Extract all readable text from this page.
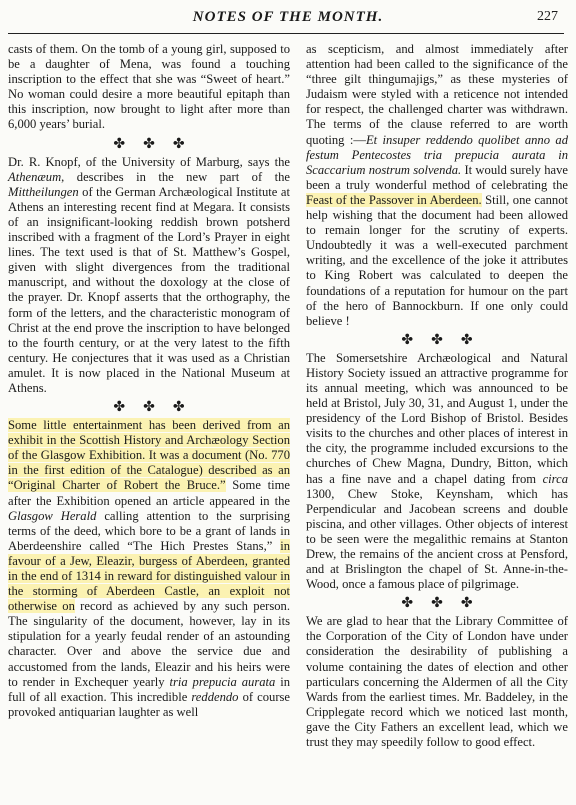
NOTES OF THE MONTH.	227

casts of them. On the tomb of a young girl, supposed to be a daughter of Mena, was found a touching inscription to the effect that she was “Sweet of heart.” No woman could desire a more beautiful epitaph than this inscription, now brought to light after more than 6,000 years’ burial.

✤✤✤

Dr. R. Knopf, of the University of Marburg, says the Athenæum, describes in the new part of the Mittheilungen of the German Archæological Institute at Athens an interesting recent find at Megara. It consists of an insignificant-looking reddish brown potsherd inscribed with a fragment of the Lord’s Prayer in eight lines. The text used is that of St. Matthew’s Gospel, given with slight divergences from the traditional manuscript, and without the doxology at the close of the prayer. Dr. Knopf asserts that the orthography, the form of the letters, and the characteristic monogram of Christ at the end prove the inscription to have belonged to the fourth century, or at the very latest to the fifth century. He conjectures that it was used as a Christian amulet. It is now placed in the National Museum at Athens.

✤✤✤

Some little entertainment has been derived from an exhibit in the Scottish History and Archæology Section of the Glasgow Exhibition. It was a document (No. 770 in the first edition of the Catalogue) described as an “Original Charter of Robert the Bruce.” Some time after the Exhibition opened an article appeared in the Glasgow Herald calling attention to the surprising terms of the deed, which bore to be a grant of lands in Aberdeenshire called “The Hich Prestes Stans,” in favour of a Jew, Eleazir, burgess of Aberdeen, granted in the end of 1314 in reward for distinguished valour in the storming of Aberdeen Castle, an exploit not otherwise on record as achieved by any such person. The singularity of the document, however, lay in its stipulation for a yearly feudal render of an astounding character. Over and above the service due and accustomed from the lands, Eleazir and his heirs were to render in Exchequer yearly tria prepucia aurata in full of all exaction. This incredible reddendo of course provoked antiquarian laughter as well

as scepticism, and almost immediately after attention had been called to the significance of the “three gilt thingumajigs,” as these mysteries of Judaism were styled with a reticence not intended for respect, the challenged charter was withdrawn. The terms of the clause referred to are worth quoting :—Et insuper reddendo quolibet anno ad festum Pentecostes tria prepucia aurata in Scaccarium nostrum solvenda. It would surely have been a truly wonderful method of celebrating the Feast of the Passover in Aberdeen. Still, one cannot help wishing that the document had been allowed to remain longer for the scrutiny of experts. Undoubtedly it was a well-executed parchment writing, and the excellence of the joke it attributes to King Robert was calculated to deepen the foundations of a reputation for humour on the part of the hero of Bannockburn. If one only could believe !

✤✤✤

The Somersetshire Archæological and Natural History Society issued an attractive programme for its annual meeting, which was announced to be held at Bristol, July 30, 31, and August 1, under the presidency of the Lord Bishop of Bristol. Besides visits to the churches and other places of interest in the city, the programme included excursions to the churches of Chew Magna, Dundry, Bitton, which has a fine nave and a chapel dating from circa 1300, Chew Stoke, Keynsham, which has Perpendicular and Jacobean screens and double piscina, and other villages. Other objects of interest to be seen were the megalithic remains at Stanton Drew, the remains of the ancient cross at Pensford, and at Brislington the chapel of St. Anne-in-the-Wood, once a famous place of pilgrimage.

✤✤✤

We are glad to hear that the Library Committee of the Corporation of the City of London have under consideration the desirability of publishing a volume containing the dates of election and other particulars concerning the Aldermen of all the City Wards from the earliest times. Mr. Baddeley, in the Cripplegate record which we noticed last month, gave the City Fathers an excellent lead, which we trust they may speedily follow to good effect.
